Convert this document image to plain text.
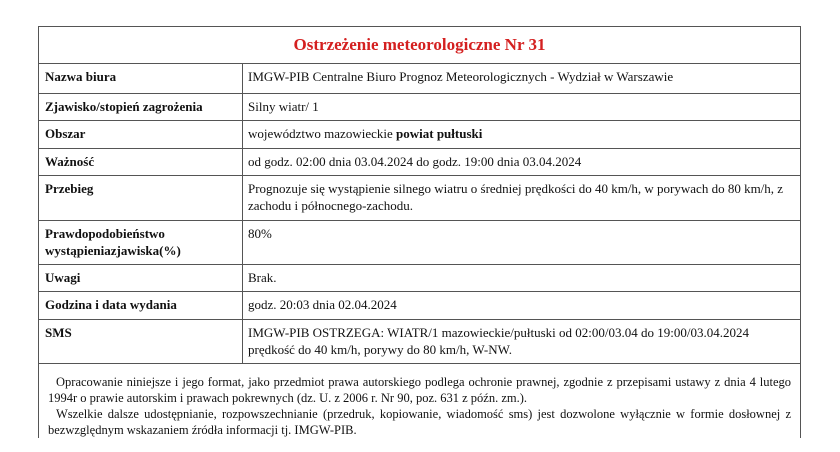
Ostrzeżenie meteorologiczne Nr 31
Nazwa biura	IMGW-PIB Centralne Biuro Prognoz Meteorologicznych - Wydział w Warszawie
Zjawisko/stopień zagrożenia	Silny wiatr/ 1
Obszar	województwo mazowieckie powiat pułtuski
Ważność	od godz. 02:00 dnia 03.04.2024 do godz. 19:00 dnia 03.04.2024
Przebieg	Prognozuje się wystąpienie silnego wiatru o średniej prędkości do 40 km/h, w porywach do 80 km/h, z zachodu i północnego-zachodu.
Prawdopodobieństwo wystąpieniazjawiska(%)	80%
Uwagi	Brak.
Godzina i data wydania	godz. 20:03 dnia 02.04.2024
SMS	IMGW-PIB OSTRZEGA: WIATR/1 mazowieckie/pułtuski od 02:00/03.04 do 19:00/03.04.2024 prędkość do 40 km/h, porywy do 80 km/h, W-NW.

Opracowanie niniejsze i jego format, jako przedmiot prawa autorskiego podlega ochronie prawnej, zgodnie z przepisami ustawy z dnia 4 lutego 1994r o prawie autorskim i prawach pokrewnych (dz. U. z 2006 r. Nr 90, poz. 631 z późn. zm.).

Wszelkie dalsze udostępnianie, rozpowszechnianie (przedruk, kopiowanie, wiadomość sms) jest dozwolone wyłącznie w formie dosłownej z bezwzględnym wskazaniem źródła informacji tj. IMGW-PIB.
